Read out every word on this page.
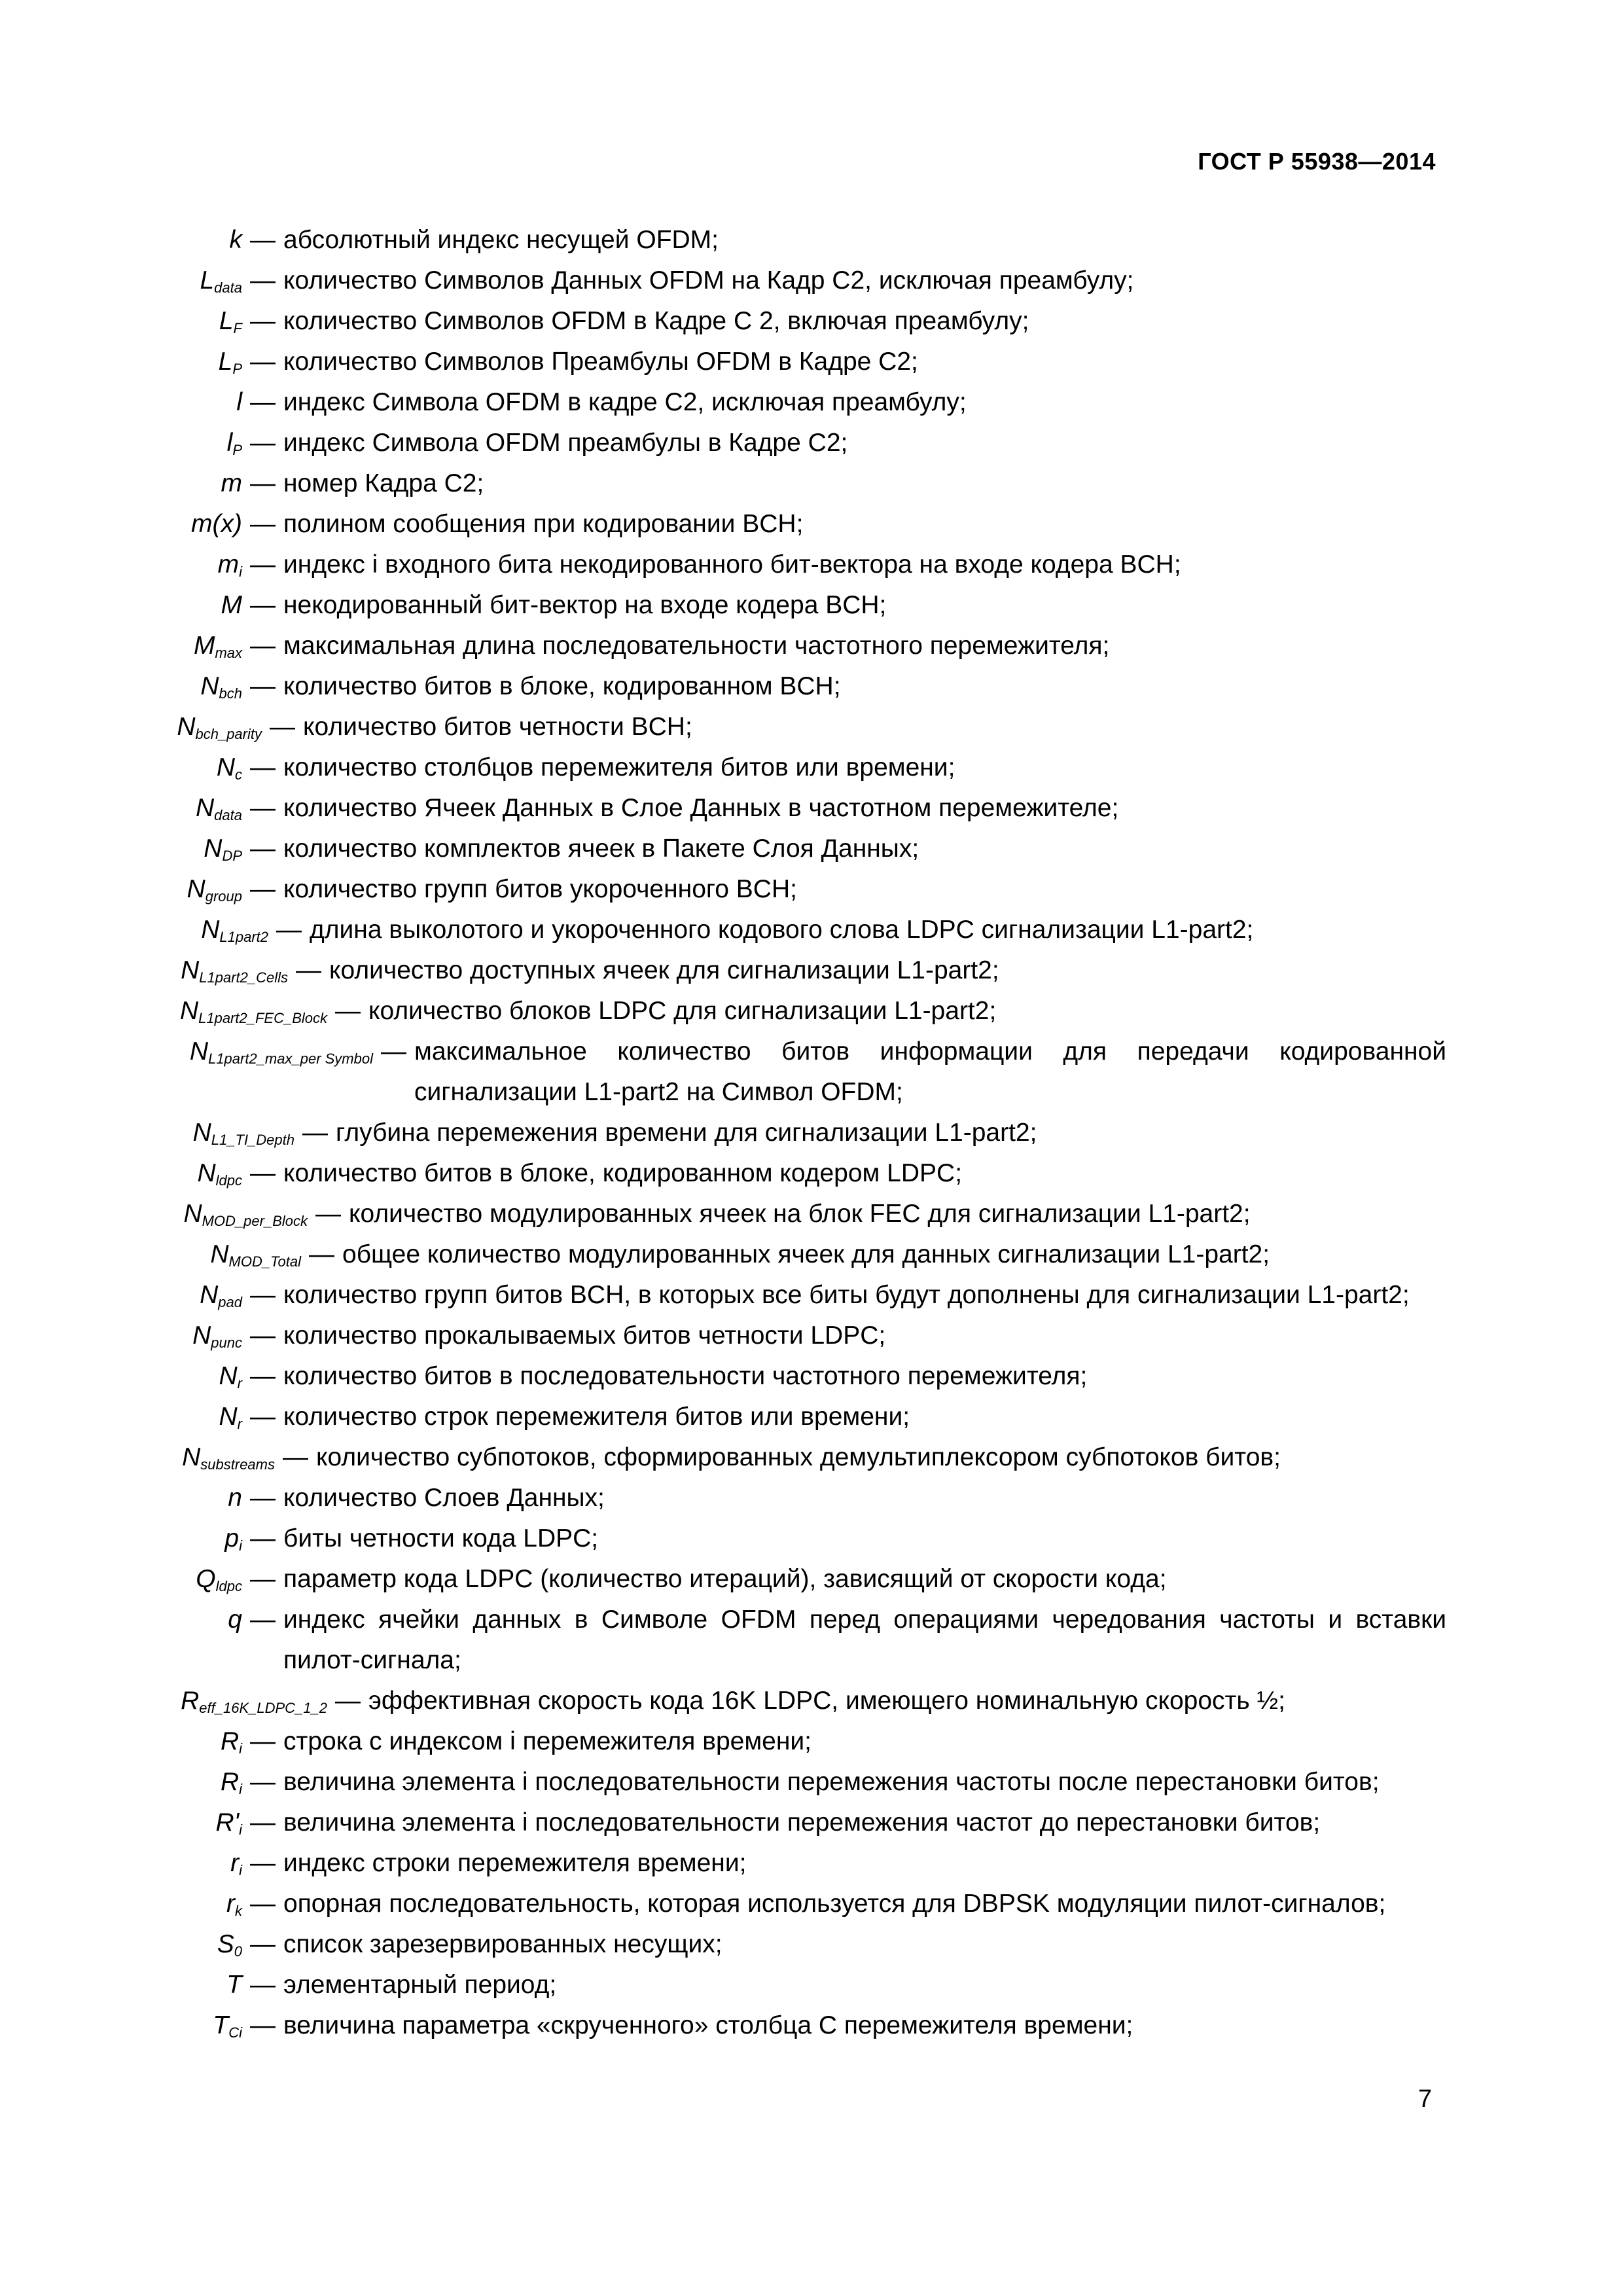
ГОСТ Р 55938—2014
k — абсолютный индекс несущей OFDM;
$L_{data}$ — количество Символов Данных OFDM на Кадр C2, исключая преамбулу;
$L_F$ — количество Символов OFDM в Кадре С 2, включая преамбулу;
$L_P$ — количество Символов Преамбулы OFDM в Кадре C2;
l — индекс Символа OFDM в кадре C2, исключая преамбулу;
$l_P$ — индекс Символа OFDM преамбулы в Кадре C2;
m — номер Кадра C2;
m(x) — полином сообщения при кодировании BCH;
$m_i$ — индекс i входного бита некодированного бит-вектора на входе кодера BCH;
M — некодированный бит-вектор на входе кодера BCH;
$M_{max}$ — максимальная длина последовательности частотного перемежителя;
$N_{bch}$ — количество битов в блоке, кодированном BCH;
$N_{bch\_parity}$ — количество битов четности BCH;
$N_c$ — количество столбцов перемежителя битов или времени;
$N_{data}$ — количество Ячеек Данных в Слое Данных в частотном перемежителе;
$N_{DP}$ — количество комплектов ячеек в Пакете Слоя Данных;
$N_{group}$ — количество групп битов укороченного BCH;
$N_{L1part2}$ — длина выколотого и укороченного кодового слова LDPC сигнализации L1-part2;
$N_{L1part2\_Cells}$ — количество доступных ячеек для сигнализации L1-part2;
$N_{L1part2\_FEC\_Block}$ — количество блоков LDPC для сигнализации L1-part2;
$N_{L1part2\_max\_per Symbol}$ — максимальное количество битов информации для передачи кодированной сигнализации L1-part2 на Символ OFDM;
$N_{L1\_TI\_Depth}$ — глубина перемежения времени для сигнализации L1-part2;
$N_{ldpc}$ — количество битов в блоке, кодированном кодером LDPC;
$N_{MOD\_per\_Block}$ — количество модулированных ячеек на блок FEC для сигнализации L1-part2;
$N_{MOD\_Total}$ — общее количество модулированных ячеек для данных сигнализации L1-part2;
$N_{pad}$ — количество групп битов BCH, в которых все биты будут дополнены для сигнализации L1-part2;
$N_{punc}$ — количество прокалываемых битов четности LDPC;
$N_r$ — количество битов в последовательности частотного перемежителя;
$N_r$ — количество строк перемежителя битов или времени;
$N_{substreams}$ — количество субпотоков, сформированных демультиплексором субпотоков битов;
n — количество Слоев Данных;
$p_i$ — биты четности кода LDPC;
$Q_{ldpc}$ — параметр кода LDPC (количество итераций), зависящий от скорости кода;
q — индекс ячейки данных в Символе OFDM перед операциями чередования частоты и вставки пилот-сигнала;
$R_{eff\_16K\_LDPC\_1\_2}$ — эффективная скорость кода 16K LDPC, имеющего номинальную скорость ½;
$R_i$ — строка с индексом i перемежителя времени;
$R_i$ — величина элемента i последовательности перемежения частоты после перестановки битов;
$R'_i$ — величина элемента i последовательности перемежения частот до перестановки битов;
$r_i$ — индекс строки перемежителя времени;
$r_k$ — опорная последовательность, которая используется для DBPSK модуляции пилот-сигналов;
$S_0$ — список зарезервированных несущих;
T — элементарный период;
$T_{Ci}$ — величина параметра «скрученного» столбца C перемежителя времени;
7
